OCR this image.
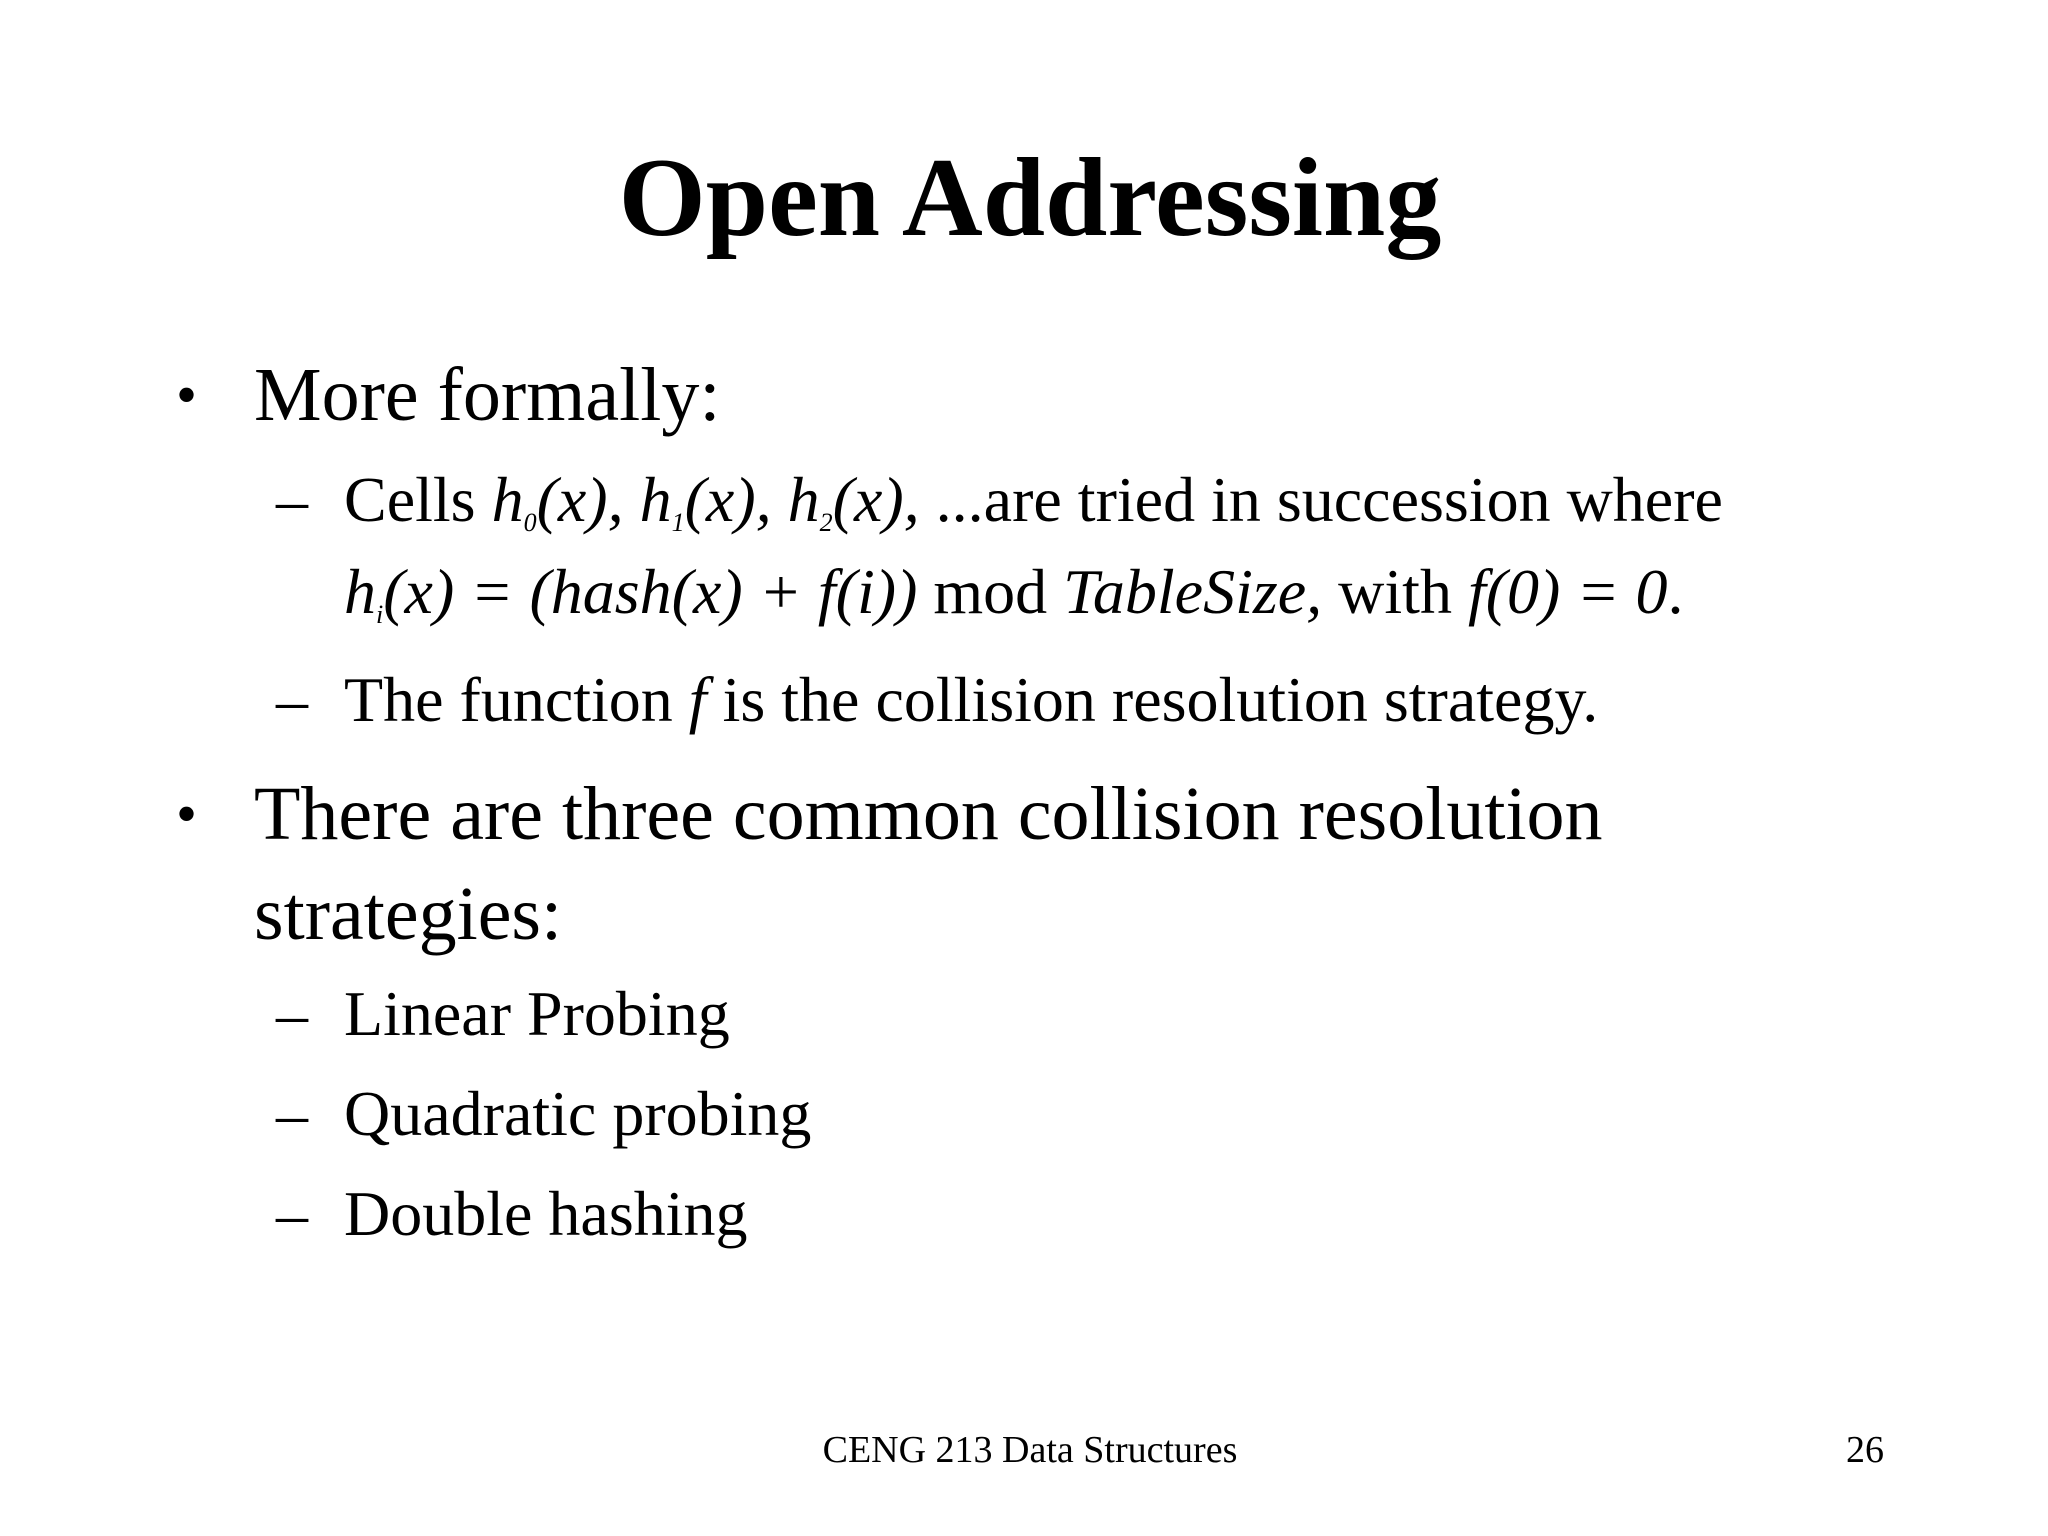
Open Addressing
• More formally:
– Cells $h_0(x)$, $h_1(x)$, $h_2(x)$, ...are tried in succession where
$h_i(x)$ = (hash(x) + f(i)) mod TableSize, with f(0) = 0.
– The function f is the collision resolution strategy.
• There are three common collision resolution
strategies:
– Linear Probing
– Quadratic probing
– Double hashing
CENG 213 Data Structures	26
